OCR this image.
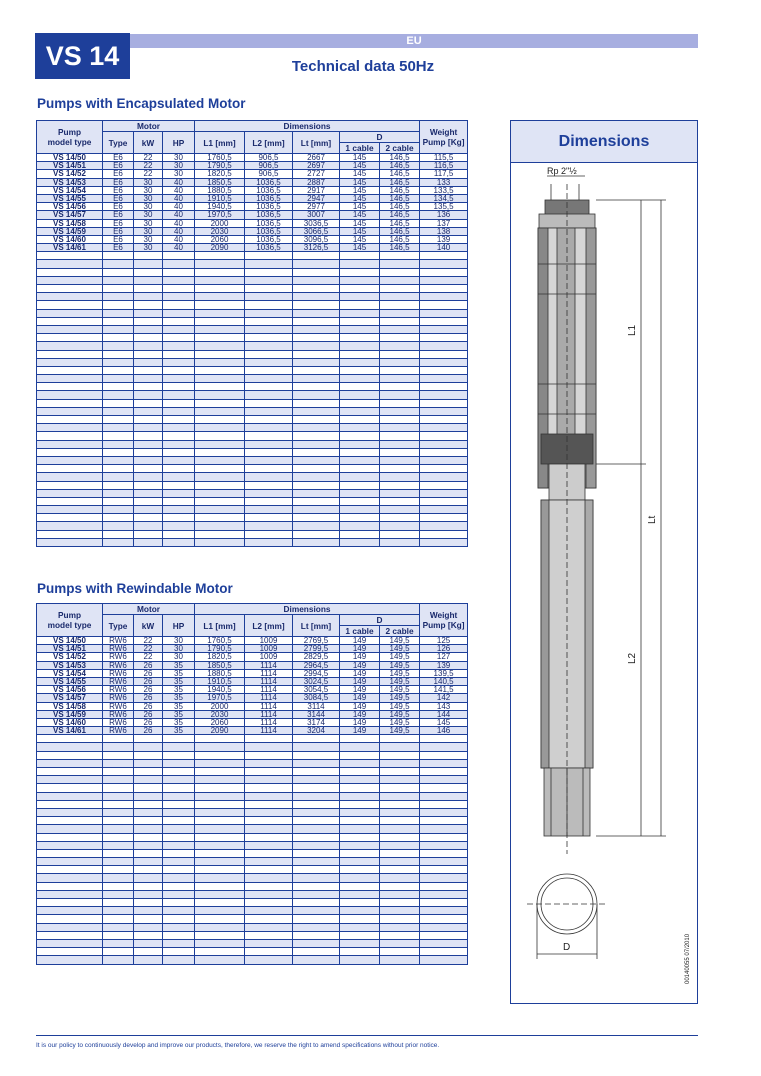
VS 14	EU
Technical data 50Hz
Pumps with Encapsulated Motor
Pump
model type	Motor			Dimensions					Weight
Pump [Kg]
	Type	kW	HP	L1 [mm]	L2 [mm]	Lt [mm]	D		
							1 cable	2 cable	
VS 14/50	E6	22	30	1760,5	906,5	2667	145	146,5	115,5
VS 14/51	E6	22	30	1790,5	906,5	2697	145	146,5	116,5
VS 14/52	E6	22	30	1820,5	906,5	2727	145	146,5	117,5
VS 14/53	E6	30	40	1850,5	1036,5	2887	145	146,5	133
VS 14/54	E6	30	40	1880,5	1036,5	2917	145	146,5	133,5
VS 14/55	E6	30	40	1910,5	1036,5	2947	145	146,5	134,5
VS 14/56	E6	30	40	1940,5	1036,5	2977	145	146,5	135,5
VS 14/57	E6	30	40	1970,5	1036,5	3007	145	146,5	136
VS 14/58	E6	30	40	2000	1036,5	3036,5	145	146,5	137
VS 14/59	E6	30	40	2030	1036,5	3066,5	145	146,5	138
VS 14/60	E6	30	40	2060	1036,5	3096,5	145	146,5	139
VS 14/61	E6	30	40	2090	1036,5	3126,5	145	146,5	140

Pumps with Rewindable Motor
Pump
model type	Motor			Dimensions					Weight
Pump [Kg]
	Type	kW	HP	L1 [mm]	L2 [mm]	Lt [mm]	D		
							1 cable	2 cable	
VS 14/50	RW6	22	30	1760,5	1009	2769,5	149	149,5	125
VS 14/51	RW6	22	30	1790,5	1009	2799,5	149	149,5	126
VS 14/52	RW6	22	30	1820,5	1009	2829,5	149	149,5	127
VS 14/53	RW6	26	35	1850,5	1114	2964,5	149	149,5	139
VS 14/54	RW6	26	35	1880,5	1114	2994,5	149	149,5	139,5
VS 14/55	RW6	26	35	1910,5	1114	3024,5	149	149,5	140,5
VS 14/56	RW6	26	35	1940,5	1114	3054,5	149	149,5	141,5
VS 14/57	RW6	26	35	1970,5	1114	3084,5	149	149,5	142
VS 14/58	RW6	26	35	2000	1114	3114	149	149,5	143
VS 14/59	RW6	26	35	2030	1114	3144	149	149,5	144
VS 14/60	RW6	26	35	2060	1114	3174	149	149,5	145
VS 14/61	RW6	26	35	2090	1114	3204	149	149,5	146

Dimensions
Rp 2"½
L1
Lt
L2
D	00140055 07/2010
It is our policy to continuously develop and improve our products, therefore, we reserve the right to amend specifications without prior notice.
